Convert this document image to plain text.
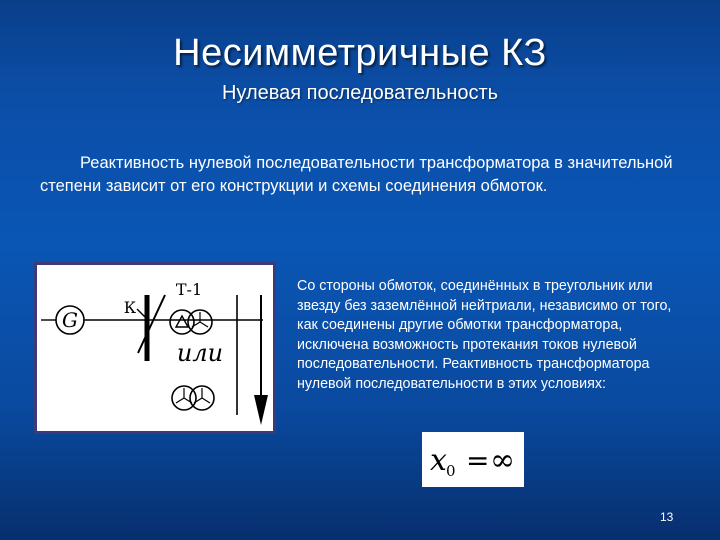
Несимметричные КЗ
Нулевая последовательность
Реактивность нулевой последовательности трансформатора в значительной степени зависит от его конструкции и схемы соединения обмоток.
G
К
Т-1
или
Со стороны обмоток, соединённых в треугольник или звезду без заземлённой нейтриали, независимо от того, как соединены другие обмотки трансформатора, исключена возможность протекания токов нулевой последовательности. Реактивность трансформатора нулевой последовательности в этих условиях:
x 0 = ∞
13
